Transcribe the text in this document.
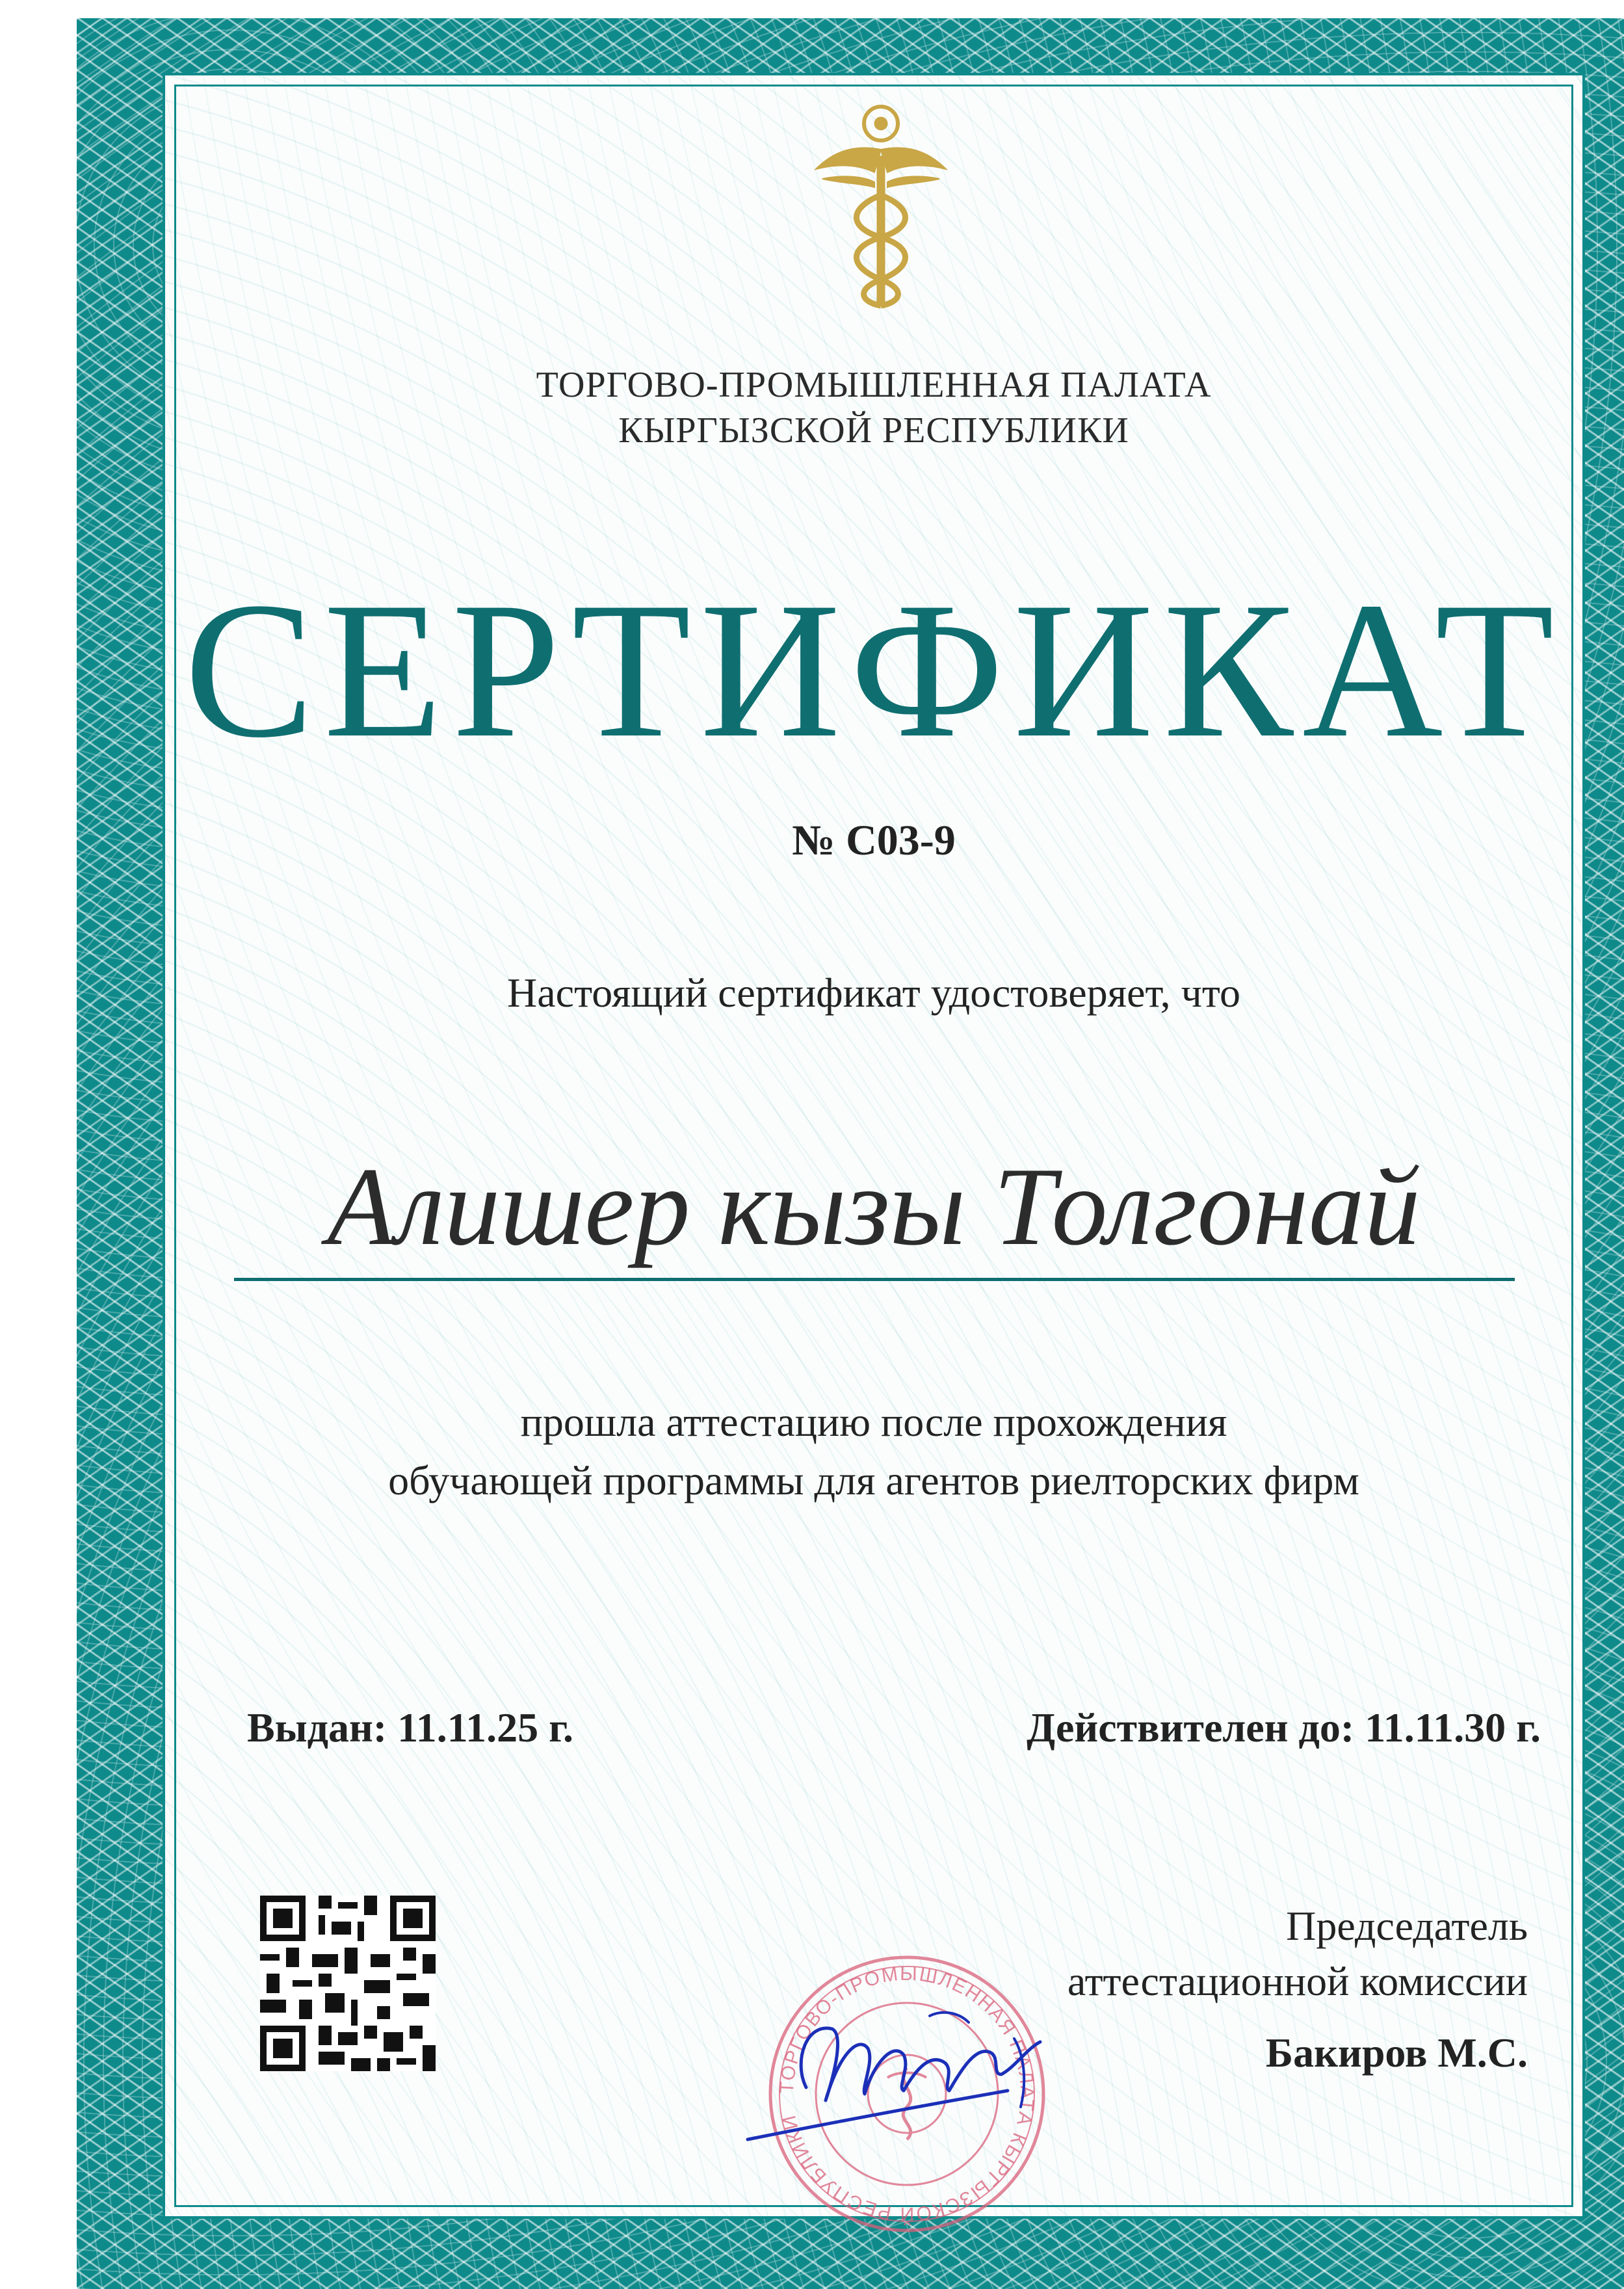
ТОРГОВО-ПРОМЫШЛЕННАЯ ПАЛАТА
КЫРГЫЗСКОЙ РЕСПУБЛИКИ
СЕРТИФИКАТ
№ С03-9
Настоящий сертификат удостоверяет, что
Алишер кызы Толгонай
прошла аттестацию после прохождения
обучающей программы для агентов риелторских фирм
Выдан: 11.11.25 г.	Действителен до: 11.11.30 г.
ТОРГОВО-ПРОМЫШЛЕННАЯ ПАЛАТА КЫРГЫЗСКОЙ РЕСПУБЛИКИ
Председатель
аттестационной комиссии
Бакиров М.С.
